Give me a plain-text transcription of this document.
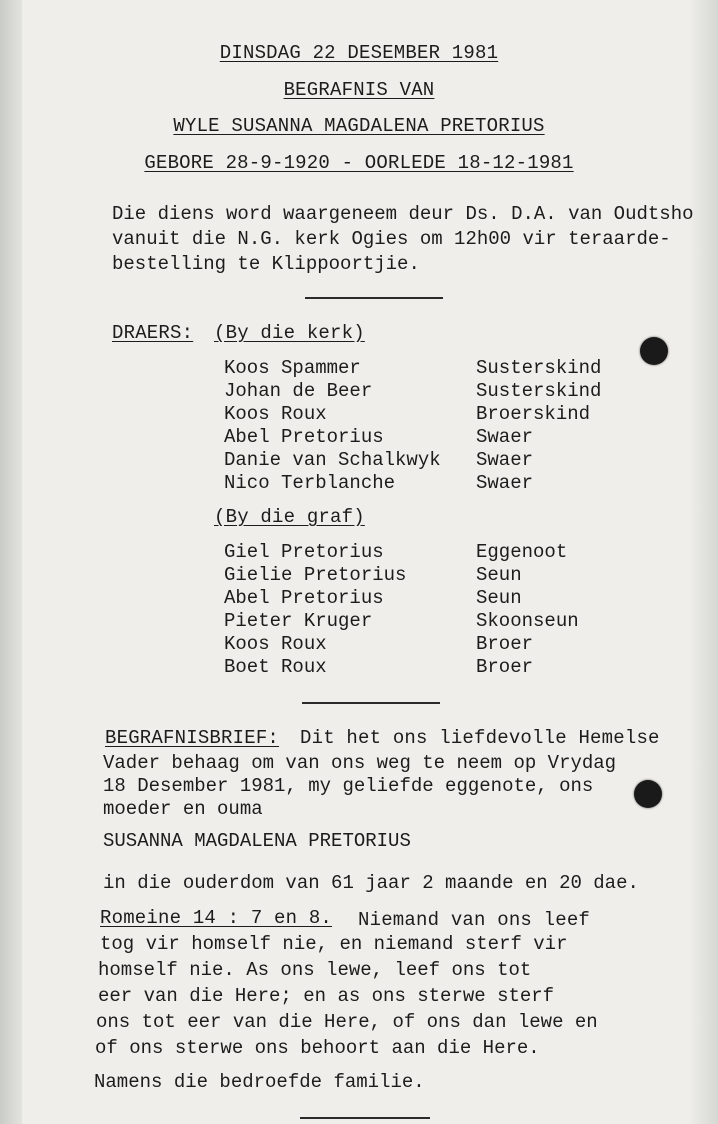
DINSDAG 22 DESEMBER 1981
BEGRAFNIS VAN
WYLE SUSANNA MAGDALENA PRETORIUS
GEBORE 28-9-1920 - OORLEDE 18-12-1981
Die diens word waargeneem deur Ds. D.A. van Oudtsho
vanuit die N.G. kerk Ogies om 12h00 vir teraarde-
bestelling te Klippoortjie.
DRAERS: (By die kerk)
Koos Spammer	Susterskind
Johan de Beer	Susterskind
Koos Roux	Broerskind
Abel Pretorius	Swaer
Danie van Schalkwyk Swaer
Nico Terblanche	Swaer
(By die graf)
Giel Pretorius	Eggenoot
Gielie Pretorius	Seun
Abel Pretorius	Seun
Pieter Kruger	Skoonseun
Koos Roux	Broer
Boet Roux	Broer
BEGRAFNISBRIEF: Dit het ons liefdevolle Hemelse
Vader behaag om van ons weg te neem op Vrydag
18 Desember 1981, my geliefde eggenote, ons
moeder en ouma
SUSANNA MAGDALENA PRETORIUS
in die ouderdom van 61 jaar 2 maande en 20 dae.
Romeine 14 : 7 en 8. Niemand van ons leef
tog vir homself nie, en niemand sterf vir
homself nie. As ons lewe, leef ons tot
eer van die Here; en as ons sterwe sterf
ons tot eer van die Here, of ons dan lewe en
of ons sterwe ons behoort aan die Here.
Namens die bedroefde familie.
